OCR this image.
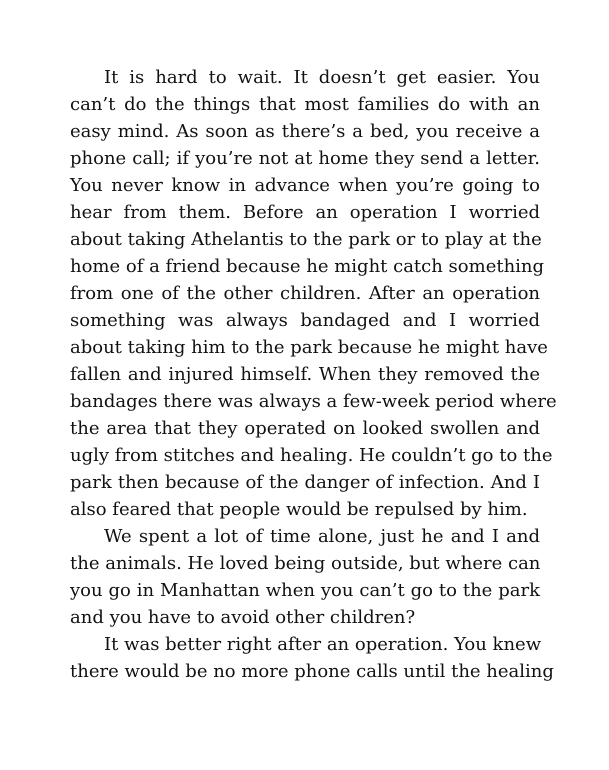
It is hard to wait. It doesn’t get easier. You
can’t do the things that most families do with an
easy mind. As soon as there’s a bed, you receive a
phone call; if you’re not at home they send a letter.
You never know in advance when you’re going to
hear from them. Before an operation I worried
about taking Athelantis to the park or to play at the
home of a friend because he might catch something
from one of the other children. After an operation
something was always bandaged and I worried
about taking him to the park because he might have
fallen and injured himself. When they removed the
bandages there was always a few-week period where
the area that they operated on looked swollen and
ugly from stitches and healing. He couldn’t go to the
park then because of the danger of infection. And I
also feared that people would be repulsed by him.

We spent a lot of time alone, just he and I and
the animals. He loved being outside, but where can
you go in Manhattan when you can’t go to the park
and you have to avoid other children?

It was better right after an operation. You knew
there would be no more phone calls until the healing
